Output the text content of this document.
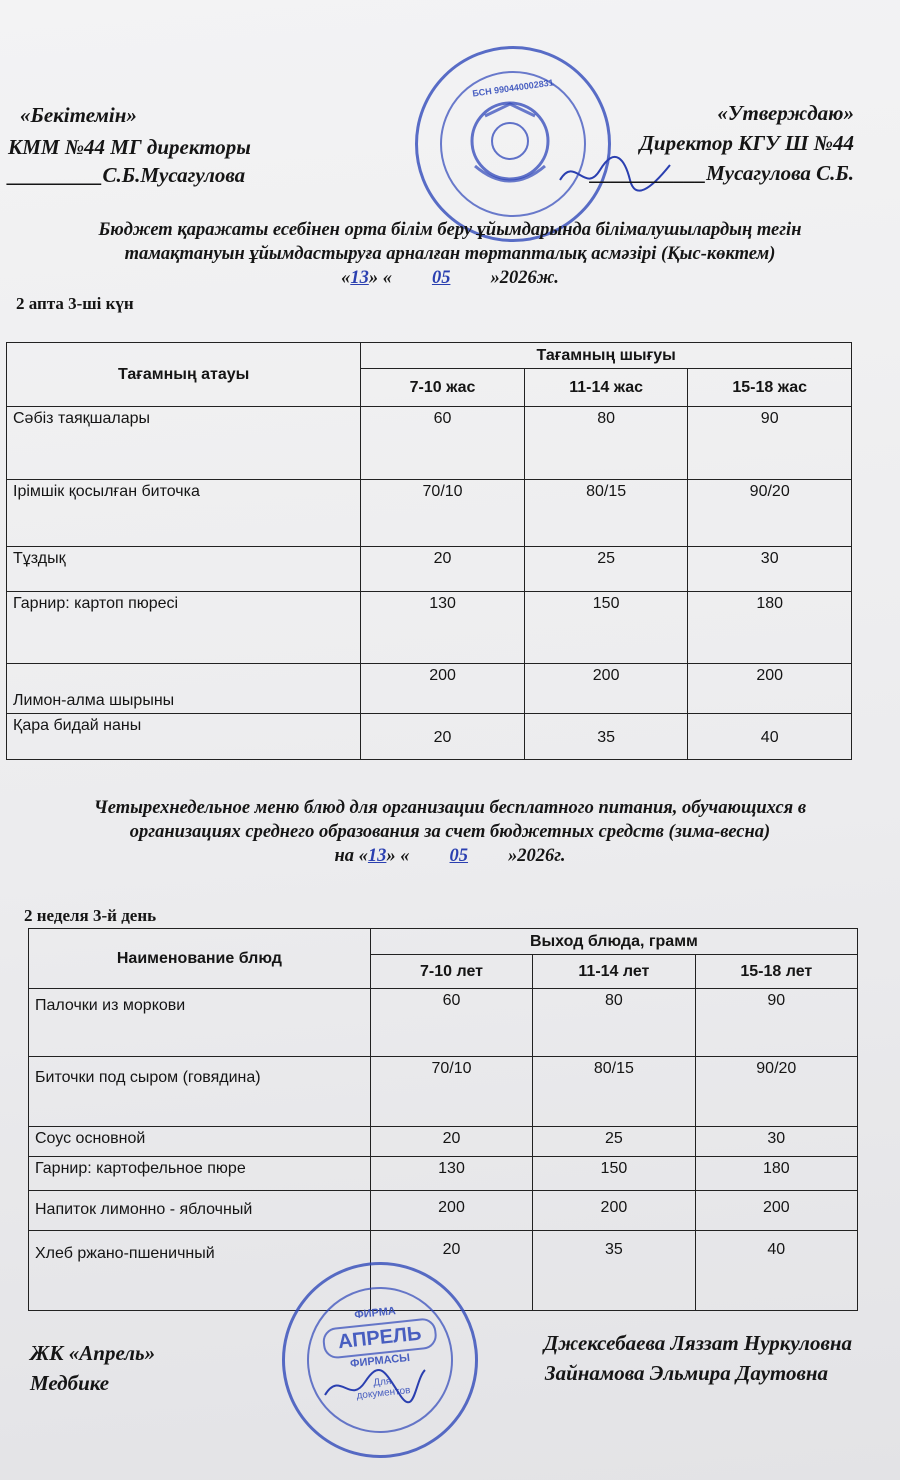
БСН 990440002831
«Бекітемін»
КММ №44 МГ директоры
_________С.Б.Мусагулова
«Утверждаю»
Директор КГУ Ш №44
___________Мусагулова С.Б.
Бюджет қаражаты есебінен орта білім беру ұйымдарында білімалушылардың тегін
тамақтануын ұйымдастыруға арналған төртапталық асмәзірі (Қыс-көктем)
«13» « 05 »2026ж.
2 апта 3-ші күн
Тағамның атауы	Тағамның шығуы		
	7-10 жас	11-14 жас	15-18 жас
Сәбіз таяқшалары	60	80	90
Ірімшік қосылған биточка	70/10	80/15	90/20
Тұздық	20	25	30
Гарнир: картоп пюресі	130	150	180
Лимон-алма шырыны	200	200	200
Қара бидай наны	20	35	40
Четырехнедельное меню блюд для организации бесплатного питания, обучающихся в
организациях среднего образования за счет бюджетных средств (зима-весна)
на «13» « 05 »2026г.
2 неделя 3-й день
Наименование блюд	Выход блюда, грамм		
	7-10 лет	11-14 лет	15-18 лет
Палочки из моркови	60	80	90
Биточки под сыром (говядина)	70/10	80/15	90/20
Соус основной	20	25	30
Гарнир: картофельное пюре	130	150	180
Напиток лимонно - яблочный	200	200	200
Хлеб ржано-пшеничный	20	35	40
ФИРМА
АПРЕЛЬ
ФИРМАСЫ
Для документов
ЖК «Апрель»
Медбике
Джексебаева Ляззат Нуркуловна
Зайнамова Эльмира Даутовна
